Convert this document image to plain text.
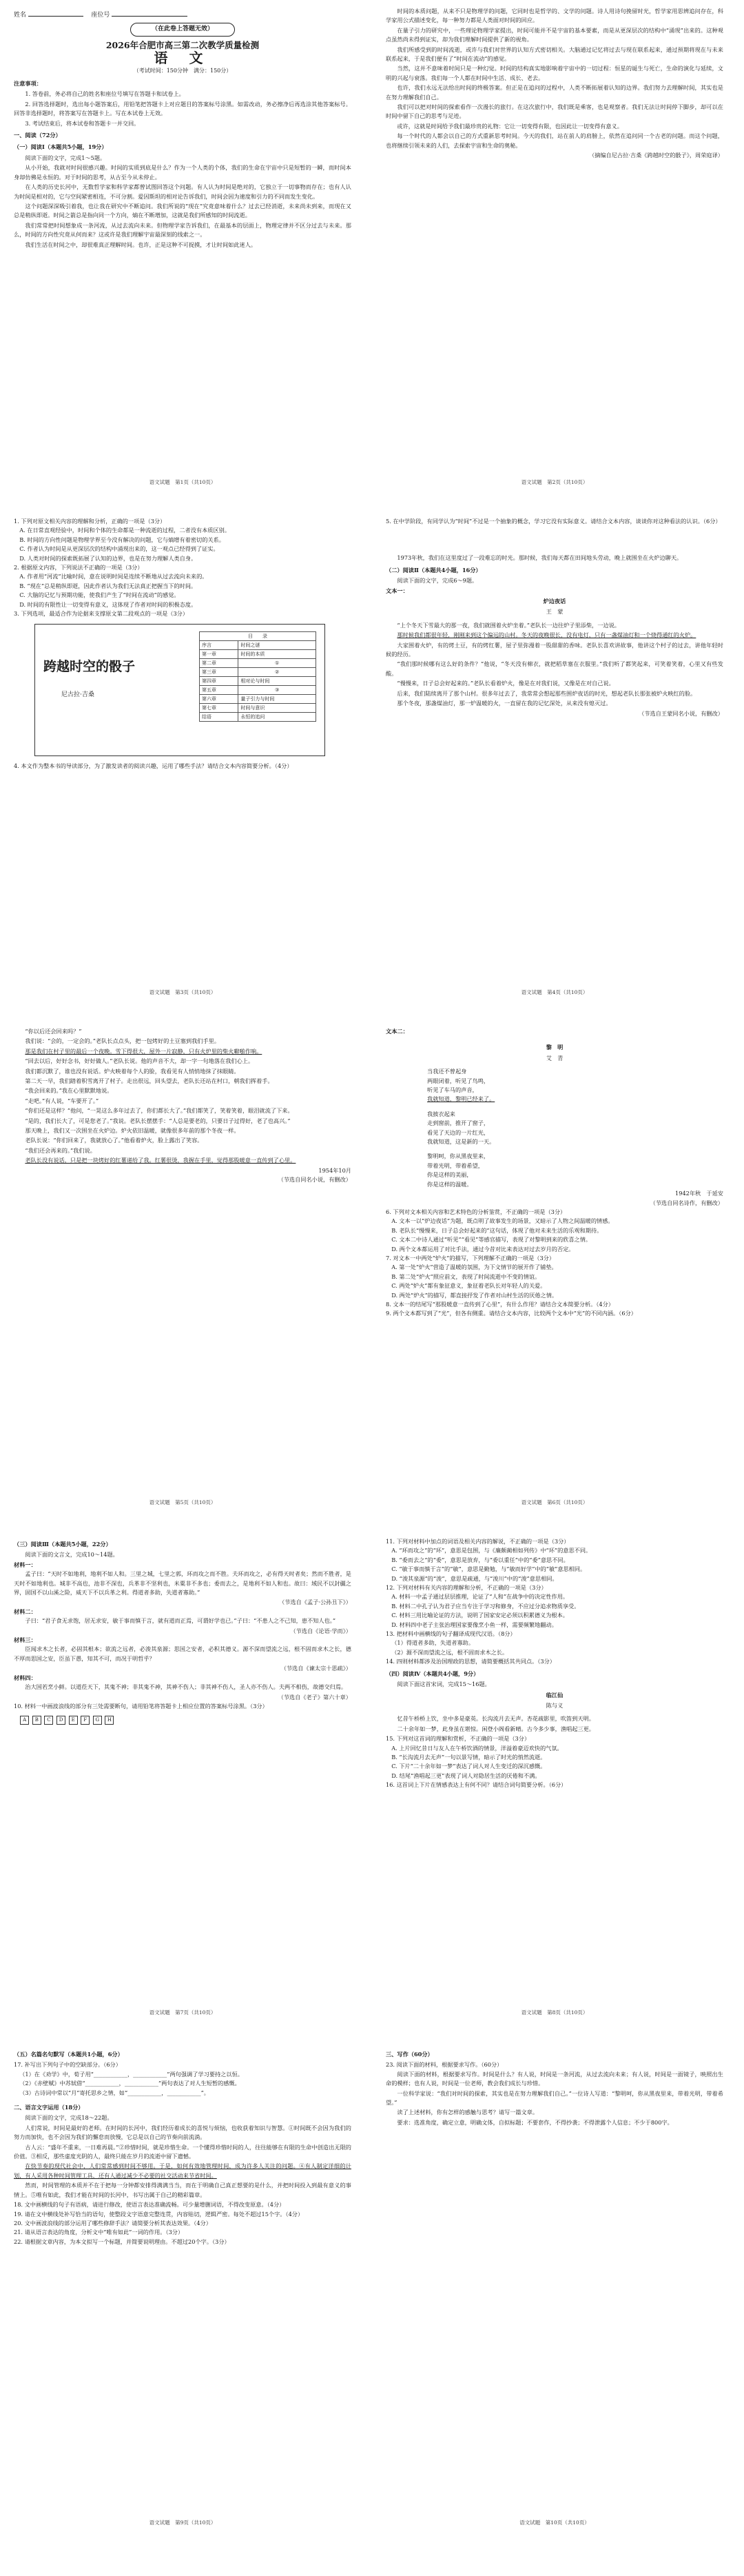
姓名	座位号
（在此卷上答题无效）
2026年合肥市高三第二次教学质量检测
语 文
（考试时间：150分钟　满分：150分）
注意事项：

1. 答卷前，务必将自己的姓名和座位号填写在答题卡和试卷上。

2. 回答选择题时，选出每小题答案后，用铅笔把答题卡上对应题目的答案标号涂黑。如需改动，务必擦净后再选涂其他答案标号。回答非选择题时，将答案写在答题卡上。写在本试卷上无效。

3. 考试结束后，将本试卷和答题卡一并交回。

一、阅读（72分）
（一）阅读Ⅰ（本题共5小题，19分）

阅读下面的文字，完成1～5题。

从小开始，我就对时间很感兴趣。时间的实质到底是什么？作为一个人类的个体，我们的生命在宇宙中只是短暂的一瞬，而时间本身却仿佛是永恒的。对于时间的思考，从古至今从未停止。

在人类的历史长河中，无数哲学家和科学家都曾试图回答这个问题。有人认为时间是绝对的，它独立于一切事物而存在；也有人认为时间是相对的，它与空间紧密相连，不可分割。爱因斯坦的相对论告诉我们，时间会因为速度和引力的不同而发生变化。

这个问题深深吸引着我，也让我在研究中不断追问。我们所说的“现在”究竟意味着什么？过去已经消逝，未来尚未到来，而现在又总是稍纵即逝。时间之箭总是指向同一个方向，熵在不断增加，这就是我们所感知的时间流逝。

我们常常把时间想象成一条河流，从过去流向未来。但物理学家告诉我们，在最基本的层面上，物理定律并不区分过去与未来。那么，时间的方向性究竟从何而来？这或许是我们理解宇宙最深刻的线索之一。

我们生活在时间之中，却很难真正理解时间。也许，正是这种不可捉摸，才让时间如此迷人。

语文试题　第1页（共10页）

时间的本质问题，从来不只是物理学的问题，它同时也是哲学的、文学的问题。诗人用诗句挽留时光，哲学家用思辨追问存在，科学家用公式描述变化，每一种努力都是人类面对时间的回应。

在量子引力的研究中，一些理论物理学家提出，时间可能并不是宇宙的基本要素，而是从更深层次的结构中“涌现”出来的。这种观点虽然尚未得到证实，却为我们理解时间提供了新的视角。

我们所感受到的时间流逝，或许与我们对世界的认知方式密切相关。大脑通过记忆将过去与现在联系起来，通过预期将现在与未来联系起来，于是我们便有了“时间在流动”的感觉。

当然，这并不意味着时间只是一种幻觉。时间的结构真实地影响着宇宙中的一切过程：恒星的诞生与死亡，生命的演化与延续，文明的兴起与衰落。我们每一个人都在时间中生活、成长、老去。

也许，我们永远无法给出时间的终极答案。但正是在追问的过程中，人类不断拓展着认知的边界。我们努力去理解时间，其实也是在努力理解我们自己。

我们可以把对时间的探索看作一次漫长的旅行。在这次旅行中，我们既是乘客，也是观察者。我们无法让时间停下脚步，却可以在时间中留下自己的思考与足迹。

或许，这就是时间给予我们最珍贵的礼物：它让一切变得有限，也因此让一切变得有意义。

每一个时代的人都会以自己的方式重新思考时间。今天的我们，站在前人的肩膀上，依然在追问同一个古老的问题。而这个问题，也将继续引领未来的人们，去探索宇宙和生命的奥秘。

（摘编自尼古拉·吉桑《跨越时空的骰子》，周荣庭译）

语文试题　第2页（共10页）

1. 下列对原文相关内容的理解和分析，正确的一项是（3分）

A. 在日常直观经验中，时间和个体的生命都是一种流逝的过程，二者没有本质区别。

B. 时间的方向性问题是物理学界至今没有解决的问题，它与熵增有着密切的关系。

C. 作者认为时间是从更深层次的结构中涌现出来的，这一观点已经得到了证实。

D. 人类对时间的探索既拓展了认知的边界，也是在努力理解人类自身。

2. 根据原文内容，下列说法不正确的一项是（3分）

A. 作者用“河流”比喻时间，意在说明时间是连续不断地从过去流向未来的。

B. “现在”总是稍纵即逝，因此作者认为我们无法真正把握当下的时间。

C. 大脑的记忆与预期功能，使我们产生了“时间在流动”的感觉。

D. 时间的有限性让一切变得有意义，这体现了作者对时间的积极态度。

3. 下列选项，最适合作为论据来支撑原文第二段观点的一项是（3分）

跨越时空的骰子
尼古拉·吉桑
目　　录	
序言	时间之谜
第一章	时间的本质
第二章	①
第三章	②
第四章	相对论与时间
第五章	③
第六章	量子引力与时间
第七章	时间与意识
结语	永恒的追问

4. 本文作为整本书的导读部分，为了激发读者的阅读兴趣，运用了哪些手法？请结合文本内容简要分析。（4分）

语文试题　第3页（共10页）

5. 在中学阶段，有同学认为“时间”不过是一个抽象的概念，学习它没有实际意义。请结合文本内容，谈谈你对这种看法的认识。（6分）

1973年秋，我们在这里度过了一段难忘的时光。那时候，我们每天都在田间地头劳动，晚上就围坐在火炉边聊天。

（二）阅读Ⅱ（本题共4小题，16分）

阅读下面的文字，完成6～9题。

文本一：

炉边夜话
王　蒙

“上个冬天下雪最大的那一夜，我们就围着火炉坐着。”老队长一边往炉子里添柴，一边说。

那时候我们都很年轻，刚刚来到这个偏远的山村。冬天的夜晚很长，没有电灯，只有一盏煤油灯和一个烧得通红的火炉。

大家围着火炉，有的烤土豆，有的烤红薯，屋子里弥漫着一股甜甜的香味。老队长喜欢讲故事，他讲这个村子的过去，讲他年轻时候的经历。

“我们那时候哪有这么好的条件？”他说，“冬天没有棉衣，就把稻草塞在衣服里。”我们听了都笑起来，可笑着笑着，心里又有些发酸。

“慢慢来，日子总会好起来的。”老队长看着炉火，像是在对我们说，又像是在对自己说。

后来，我们陆续离开了那个山村。很多年过去了，我常常会想起那些围炉夜话的时光，想起老队长那张被炉火映红的脸。

那个冬夜，那盏煤油灯，那一炉温暖的火，一直留在我的记忆深处，从来没有熄灭过。

（节选自王蒙同名小说，有删改）

语文试题　第4页（共10页）

“你以后还会回来吗？”

我们说：“会的，一定会的。”老队长点点头，把一包烤好的土豆塞到我们手里。

那是我们在村子里的最后一个夜晚。雪下得很大，屋外一片寂静，只有火炉里的柴火噼啪作响。

“回去以后，好好念书，好好做人。”老队长说。他的声音不大，却一字一句地落在我们心上。

我们都沉默了，谁也没有说话。炉火映着每个人的脸，我看见有人悄悄地抹了抹眼睛。

第二天一早，我们踏着积雪离开了村子。走出很远，回头望去，老队长还站在村口，朝我们挥着手。

“我会回来的。”我在心里默默地说。

“走吧。”有人说，“车要开了。”

“你们还是这样？”他问，“一晃这么多年过去了，你们都长大了。”我们都笑了，笑着笑着，眼泪就流了下来。

“是的，我们长大了，可是您老了。”我说。老队长摆摆手：“人总是要老的，只要日子过得好，老了也高兴。”

那天晚上，我们又一次围坐在火炉边。炉火依旧温暖，就像很多年前的那个冬夜一样。

老队长说：“你们回来了，我就放心了。”他看着炉火，脸上露出了笑容。

“我们还会再来的。”我们说。

老队长没有说话，只是把一块烤好的红薯递给了我。红薯很烫，我握在手里，觉得那股暖意一直传到了心里。

1954年10月

（节选自同名小说，有删改）

语文试题　第5页（共10页）

文本二：

黎　明
艾　青

当我还不曾起身

两眼闭着，听见了鸟鸣，

听见了车马的声音，

我就知道，黎明已经来了。

我披衣起来

走到窗前，推开了窗子，

看见了天边的一片红光，

我就知道，这是新的一天。

黎明呵，你从黑夜里来，

带着光明，带着希望，

你是这样的美丽，

你是这样的温暖。

1942年秋　于延安

（节选自同名诗作，有删改）

6. 下列对文本相关内容和艺术特色的分析鉴赏，不正确的一项是（3分）

A. 文本一以“炉边夜话”为题，既点明了故事发生的场景，又暗示了人物之间温暖的情感。

B. 老队长“慢慢来，日子总会好起来的”这句话，体现了他对未来生活的乐观和期待。

C. 文本二中诗人通过“听见”“看见”等感官描写，表现了对黎明到来的欣喜之情。

D. 两个文本都运用了对比手法，通过今昔对比来表达对过去岁月的否定。

7. 对文本一中两处“炉火”的描写，下列理解不正确的一项是（3分）

A. 第一处“炉火”营造了温暖的氛围，为下文情节的展开作了铺垫。

B. 第二处“炉火”照应前文，表现了时间流逝中不变的情谊。

C. 两处“炉火”都有象征意义，象征着老队长对年轻人的关爱。

D. 两处“炉火”的描写，都直接抒发了作者对山村生活的厌倦之情。

8. 文本一的结尾写“那股暖意一直传到了心里”，有什么作用？请结合文本简要分析。（4分）

9. 两个文本都写到了“光”，但各有侧重。请结合文本内容，比较两个文本中“光”的不同内涵。（6分）

语文试题　第6页（共10页）
（三）阅读Ⅲ（本题共5小题，22分）

阅读下面的文言文，完成10～14题。

材料一：

孟子曰：“天时不如地利，地利不如人和。三里之城，七里之郭，环而攻之而不胜。夫环而攻之，必有得天时者矣；然而不胜者，是天时不如地利也。城非不高也，池非不深也，兵革非不坚利也，米粟非不多也；委而去之，是地利不如人和也。故曰：域民不以封疆之界，固国不以山溪之险，威天下不以兵革之利。得道者多助，失道者寡助。”

（节选自《孟子·公孙丑下》）

材料二：

子曰：“君子食无求饱，居无求安，敏于事而慎于言，就有道而正焉，可谓好学也已。”子曰：“不患人之不己知，患不知人也。”

（节选自《论语·学而》）

材料三：

臣闻求木之长者，必固其根本；欲流之远者，必浚其泉源；思国之安者，必积其德义。源不深而望流之远，根不固而求木之长，德不厚而思国之安，臣虽下愚，知其不可，而况于明哲乎？

（节选自《谏太宗十思疏》）

材料四：

治大国若烹小鲜。以道莅天下，其鬼不神；非其鬼不神，其神不伤人；非其神不伤人，圣人亦不伤人。夫两不相伤，故德交归焉。

（节选自《老子》第六十章）

10. 材料一中画波浪线的部分有三处需要断句，请用铅笔将答题卡上相应位置的答案标号涂黑。（3分）

A B C D E F G H
语文试题　第7页（共10页）

11. 下列对材料中加点的词语及相关内容的解说，不正确的一项是（3分）

A. “环而攻之”的“环”，意思是包围，与《廉颇蔺相如列传》中“环”的意思不同。

B. “委而去之”的“委”，意思是放弃，与“委以重任”中的“委”意思不同。

C. “敏于事而慎于言”的“敏”，意思是勤勉，与“敏而好学”中的“敏”意思相同。

D. “浚其泉源”的“浚”，意思是疏通，与“浚川”中的“浚”意思相同。

12. 下列对材料有关内容的理解和分析，不正确的一项是（3分）

A. 材料一中孟子通过层层推理，论证了“人和”在战争中的决定性作用。

B. 材料二中孔子认为君子应当专注于学习和修身，不应过分追求物质享受。

C. 材料三用比喻论证的方法，说明了国家安定必须以积累德义为根本。

D. 材料四中老子主张治理国家要像烹小鱼一样，需要频繁地翻动。

13. 把材料中画横线的句子翻译成现代汉语。（8分）

（1）得道者多助，失道者寡助。

（2）源不深而望流之远，根不固而求木之长。

14. 四则材料都涉及治国理政的思想，请简要概括其共同点。（3分）

（四）阅读Ⅳ（本题共4小题，9分）

阅读下面这首宋词，完成15～16题。

临江仙
陈与义

忆昔午桥桥上饮，坐中多是豪英。长沟流月去无声。杏花疏影里，吹笛到天明。

二十余年如一梦，此身虽在堪惊。闲登小阁看新晴。古今多少事，渔唱起三更。

15. 下列对这首词的理解和赏析，不正确的一项是（3分）

A. 上片回忆昔日与友人在午桥饮酒的情景，洋溢着豪迈欢快的气氛。

B. “长沟流月去无声”一句以景写情，暗示了时光的悄然流逝。

C. 下片“二十余年如一梦”表达了词人对人生变迁的深沉感慨。

D. 结尾“渔唱起三更”表现了词人对隐居生活的厌倦和不满。

16. 这首词上下片在情感表达上有何不同？请结合词句简要分析。（6分）

语文试题　第8页（共10页）
（五）名篇名句默写（本题共1小题，6分）

17. 补写出下列句子中的空缺部分。（6分）

（1）在《劝学》中，荀子用“____________，____________”两句强调了学习要持之以恒。

（2）《赤壁赋》中苏轼借“____________，____________”两句表达了对人生短暂的感慨。

（3）古诗词中常以“月”寄托思乡之情，如“____________，____________”。

二、语言文字运用（18分）

阅读下面的文字，完成18～22题。

人们常说，时间是最好的老师。在时间的长河中，我们经历着成长的喜悦与烦恼，也收获着知识与智慧。①时间既不会因为我们的努力而加快，也不会因为我们的懈怠而放慢，它总是以自己的节奏向前流淌。

古人云：“盛年不重来，一日难再晨。”②珍惜时间，就是珍惜生命。一个懂得珍惜时间的人，往往能够在有限的生命中创造出无限的价值。③相反，那些虚度光阴的人，最终只能在岁月的流逝中留下遗憾。

在快节奏的现代社会中，人们常常感到时间不够用。于是，如何有效地管理时间，成为许多人关注的问题。④有人制定详细的计划，有人采用各种时间管理工具，还有人通过减少不必要的社交活动来节省时间。

然而，时间管理的本质并不在于把每一分钟都安排得满满当当，而在于明确自己真正想要的是什么，并把时间投入到最有意义的事情上。⑤唯有如此，我们才能在时间的长河中，书写出属于自己的精彩篇章。

18. 文中画横线的句子有语病，请进行修改，使语言表达准确流畅。可少量增删词语，不得改变原意。（4分）

19. 请在文中横线处补写恰当的语句，使整段文字语意完整连贯，内容贴切，逻辑严密。每处不超过15个字。（4分）

20. 文中画波浪线的部分运用了哪些修辞手法？请简要分析其表达效果。（4分）

21. 请从语言表达的角度，分析文中“唯有如此”一词的作用。（3分）

22. 请根据文章内容，为本文拟写一个标题，并简要说明理由。不超过20个字。（3分）

语文试题　第9页（共10页）
三、写作（60分）

23. 阅读下面的材料，根据要求写作。（60分）

阅读下面的材料，根据要求写作。时间是什么？有人说，时间是一条河流，从过去流向未来；有人说，时间是一面镜子，映照出生命的模样；也有人说，时间是一位老师，教会我们成长与珍惜。

一位科学家说：“我们对时间的探索，其实也是在努力理解我们自己。”一位诗人写道：“黎明呵，你从黑夜里来，带着光明，带着希望。”

读了上述材料，你有怎样的感触与思考？请写一篇文章。

要求：选准角度，确定立意，明确文体，自拟标题；不要套作，不得抄袭；不得泄露个人信息；不少于800字。

语文试题　第10页（共10页）
